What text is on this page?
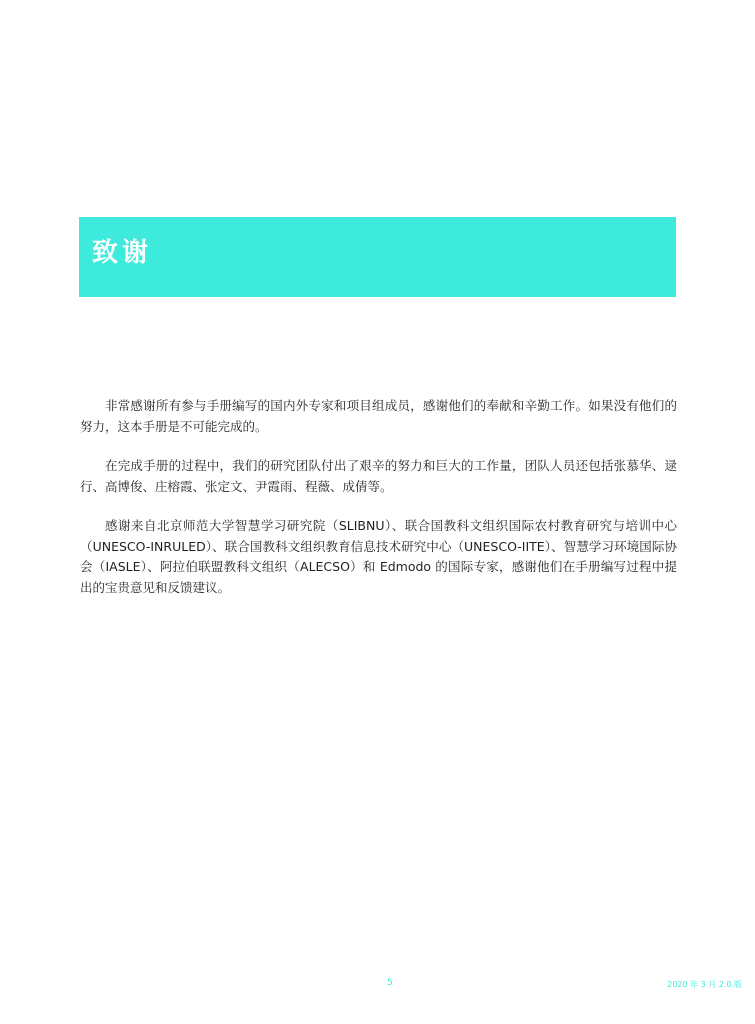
致谢

非常感谢所有参与手册编写的国内外专家和项目组成员，感谢他们的奉献和辛勤工作。如果没有他们的努力，这本手册是不可能完成的。

在完成手册的过程中，我们的研究团队付出了艰辛的努力和巨大的工作量，团队人员还包括张慕华、逯行、高博俊、庄榕霞、张定文、尹霞雨、程薇、成倩等。

感谢来自北京师范大学智慧学习研究院（SLIBNU）、联合国教科文组织国际农村教育研究与培训中心（UNESCO-INRULED）、联合国教科文组织教育信息技术研究中心（UNESCO-IITE）、智慧学习环境国际协会（IASLE）、阿拉伯联盟教科文组织（ALECSO）和 Edmodo 的国际专家，感谢他们在手册编写过程中提出的宝贵意见和反馈建议。

5	2020 年 3 月 2.0 版
